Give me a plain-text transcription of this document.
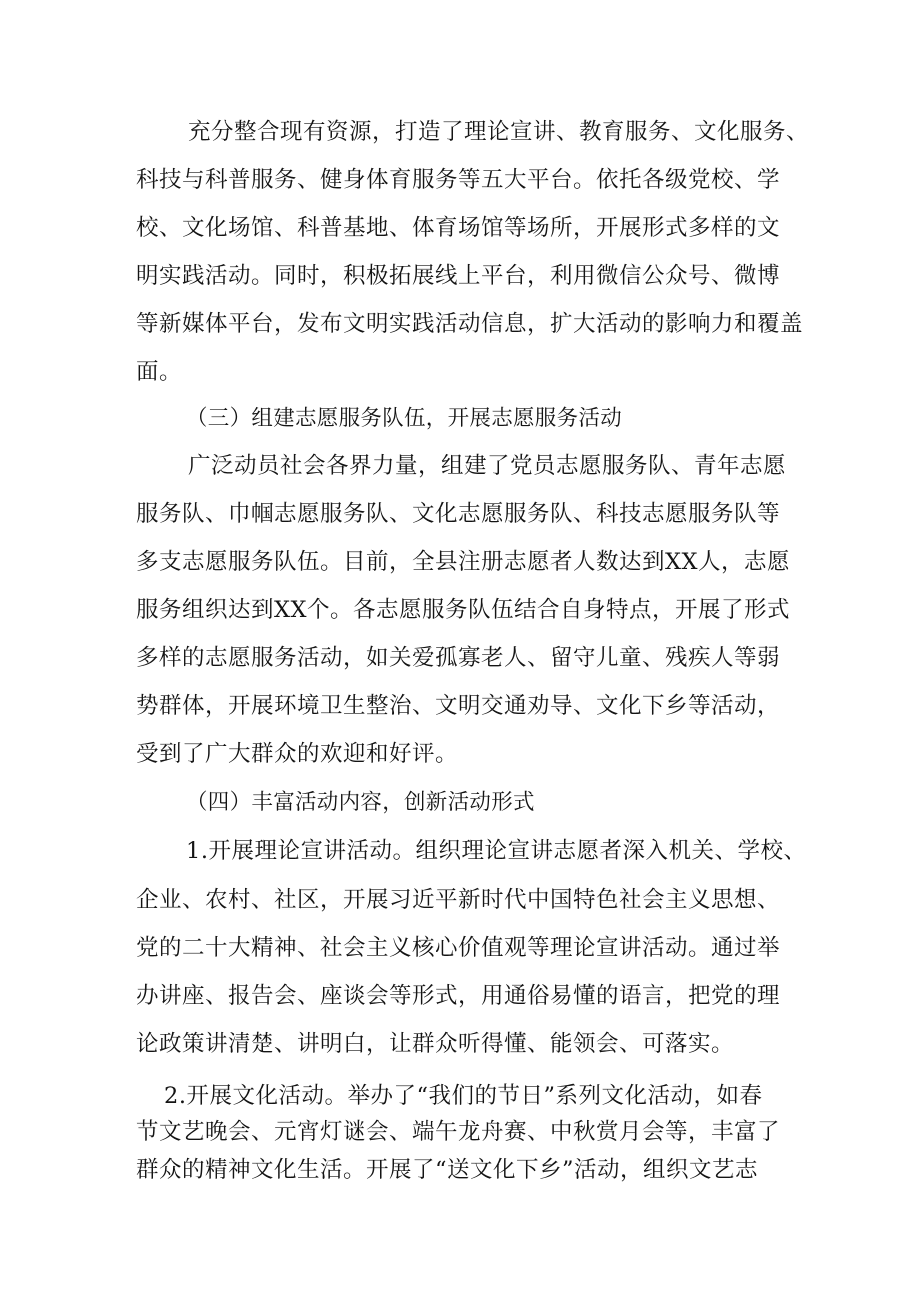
充分整合现有资源，打造了理论宣讲、教育服务、文化服务、
科技与科普服务、健身体育服务等五大平台。依托各级党校、学
校、文化场馆、科普基地、体育场馆等场所，开展形式多样的文
明实践活动。同时，积极拓展线上平台，利用微信公众号、微博
等新媒体平台，发布文明实践活动信息，扩大活动的影响力和覆盖
面。
（三）组建志愿服务队伍，开展志愿服务活动
广泛动员社会各界力量，组建了党员志愿服务队、青年志愿
服务队、巾帼志愿服务队、文化志愿服务队、科技志愿服务队等
多支志愿服务队伍。目前，全县注册志愿者人数达到XX人，志愿
服务组织达到XX个。各志愿服务队伍结合自身特点，开展了形式
多样的志愿服务活动，如关爱孤寡老人、留守儿童、残疾人等弱
势群体，开展环境卫生整治、文明交通劝导、文化下乡等活动，
受到了广大群众的欢迎和好评。
（四）丰富活动内容，创新活动形式
1.开展理论宣讲活动。组织理论宣讲志愿者深入机关、学校、
企业、农村、社区，开展习近平新时代中国特色社会主义思想、
党的二十大精神、社会主义核心价值观等理论宣讲活动。通过举
办讲座、报告会、座谈会等形式，用通俗易懂的语言，把党的理
论政策讲清楚、讲明白，让群众听得懂、能领会、可落实。
2.开展文化活动。举办了“我们的节日”系列文化活动，如春
节文艺晚会、元宵灯谜会、端午龙舟赛、中秋赏月会等，丰富了
群众的精神文化生活。开展了“送文化下乡”活动，组织文艺志
